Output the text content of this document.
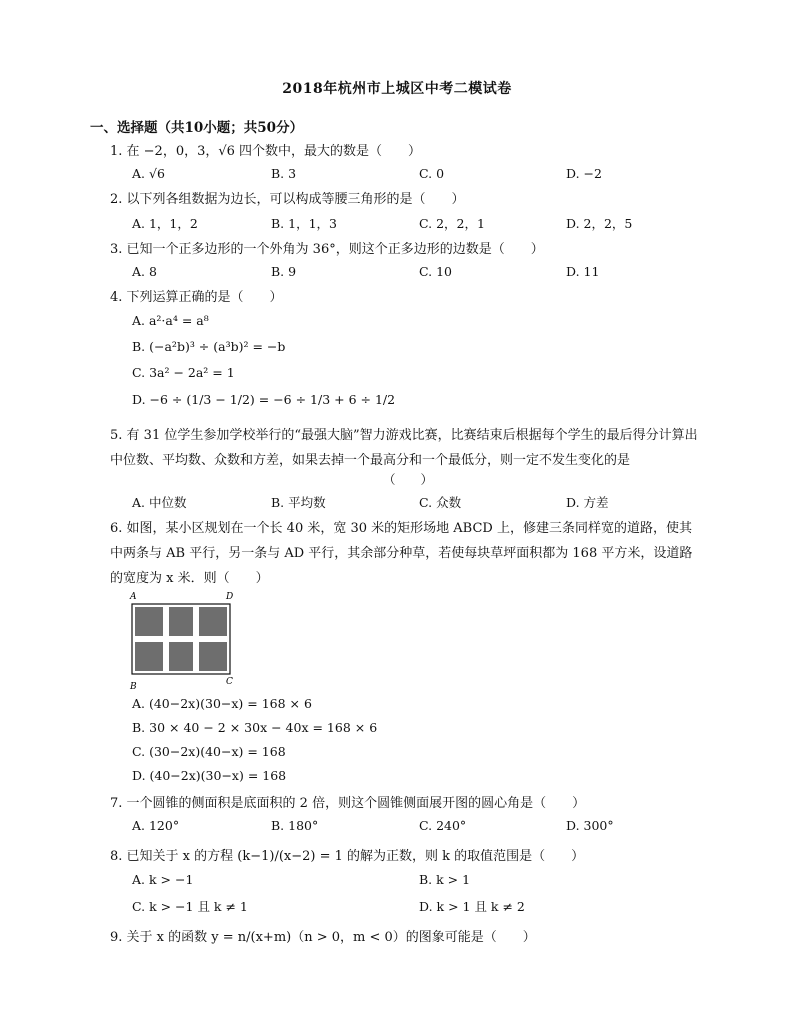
2018年杭州市上城区中考二模试卷
一、选择题（共10小题；共50分）
1. 在 −2，0，3，√6 四个数中，最大的数是（　　）
A. √6	B. 3	C. 0	D. −2
2. 以下列各组数据为边长，可以构成等腰三角形的是（　　）
A. 1，1，2	B. 1，1，3	C. 2，2，1	D. 2，2，5
3. 已知一个正多边形的一个外角为 36°，则这个正多边形的边数是（　　）
A. 8	B. 9	C. 10	D. 11
4. 下列运算正确的是（　　）
A. a²·a⁴ = a⁸
B. (−a²b)³ ÷ (a³b)² = −b
C. 3a² − 2a² = 1
D. −6 ÷ (1/3 − 1/2) = −6 ÷ 1/3 + 6 ÷ 1/2
5. 有 31 位学生参加学校举行的“最强大脑”智力游戏比赛，比赛结束后根据每个学生的最后得分计算出中位数、平均数、众数和方差，如果去掉一个最高分和一个最低分，则一定不发生变化的是
（　　）
A. 中位数	B. 平均数	C. 众数	D. 方差
6. 如图，某小区规划在一个长 40 米，宽 30 米的矩形场地 ABCD 上，修建三条同样宽的道路，使其中两条与 AB 平行，另一条与 AD 平行，其余部分种草，若使每块草坪面积都为 168 平方米，设道路的宽度为 x 米．则（　　）
A	D
B	C
A. (40−2x)(30−x) = 168 × 6
B. 30 × 40 − 2 × 30x − 40x = 168 × 6
C. (30−2x)(40−x) = 168
D. (40−2x)(30−x) = 168
7. 一个圆锥的侧面积是底面积的 2 倍，则这个圆锥侧面展开图的圆心角是（　　）
A. 120°	B. 180°	C. 240°	D. 300°
8. 已知关于 x 的方程 (k−1)/(x−2) = 1 的解为正数，则 k 的取值范围是（　　）
A. k > −1	B. k > 1
C. k > −1 且 k ≠ 1	D. k > 1 且 k ≠ 2
9. 关于 x 的函数 y = n/(x+m)（n > 0，m < 0）的图象可能是（　　）
